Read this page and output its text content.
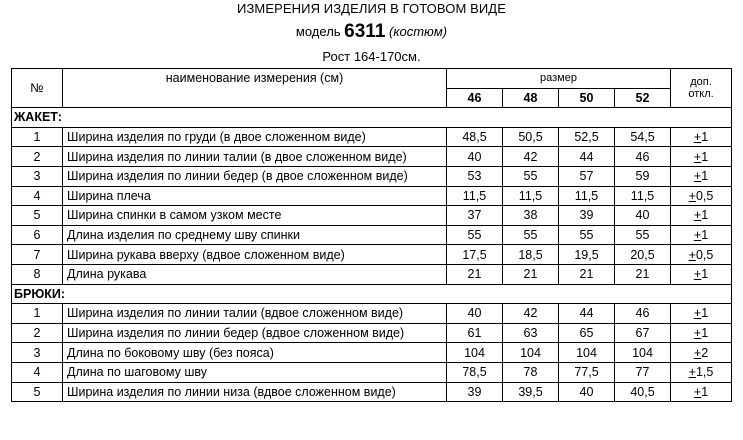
ИЗМЕРЕНИЯ ИЗДЕЛИЯ В ГОТОВОМ ВИДЕ
модель 6311 (костюм)
Рост 164-170см.
№	наименование измерения (см)	размер				доп.
откл.

		46	48	50	52	
ЖАКЕТ:						
1	Ширина изделия по груди (в двое сложенном виде)	48,5	50,5	52,5	54,5	+1
2	Ширина изделия по линии талии (в двое сложенном виде)	40	42	44	46	+1
3	Ширина изделия по линии бедер (в двое сложенном виде)	53	55	57	59	+1
4	Ширина плеча	11,5	11,5	11,5	11,5	+0,5
5	Ширина спинки в самом узком месте	37	38	39	40	+1
6	Длина изделия по среднему шву спинки	55	55	55	55	+1
7	Ширина рукава вверху (вдвое сложенном виде)	17,5	18,5	19,5	20,5	+0,5
8	Длина рукава	21	21	21	21	+1
БРЮКИ:						
1	Ширина изделия по линии талии (вдвое сложенном виде)	40	42	44	46	+1
2	Ширина изделия по линии бедер (вдвое сложенном виде)	61	63	65	67	+1
3	Длина по боковому шву (без пояса)	104	104	104	104	+2
4	Длина по шаговому шву	78,5	78	77,5	77	+1,5
5	Ширина изделия по линии низа (вдвое сложенном виде)	39	39,5	40	40,5	+1
